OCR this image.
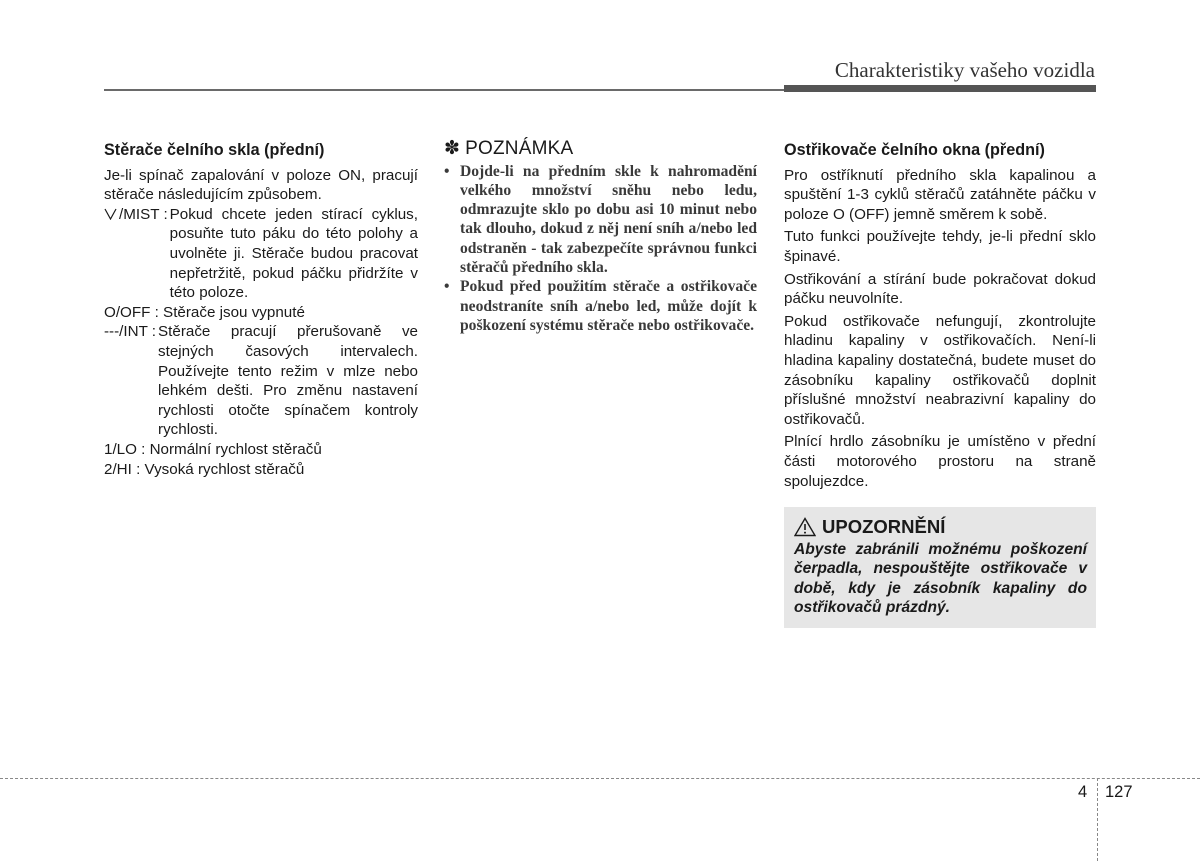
Charakteristiky vašeho vozidla
Stěrače čelního skla (přední)

Je-li spínač zapalování v poloze ON, pracují stěrače následujícím způsobem.

/MIST : Pokud chcete jeden stírací cyklus, posuňte tuto páku do této polohy a uvolněte ji. Stěrače budou pracovat nepřetržitě, pokud páčku přidržíte v této poloze.

O/OFF : Stěrače jsou vypnuté

---/INT : Stěrače pracují přerušovaně ve stejných časových intervalech. Používejte tento režim v mlze nebo lehkém dešti. Pro změnu nastavení rychlosti otočte spínačem kontroly rychlosti.

1/LO : Normální rychlost stěračů

2/HI : Vysoká rychlost stěračů

✽ POZNÁMKA
• Dojde-li na předním skle k nahromadění velkého množství sněhu nebo ledu, odmrazujte sklo po dobu asi 10 minut nebo tak dlouho, dokud z něj není sníh a/nebo led odstraněn - tak zabezpečíte správnou funkci stěračů předního skla.
• Pokud před použitím stěrače a ostřikovače neodstraníte sníh a/nebo led, může dojít k poškození systému stěrače nebo ostřikovače.
Ostřikovače čelního okna (přední)

Pro ostříknutí předního skla kapalinou a spuštění 1-3 cyklů stěračů zatáhněte páčku v poloze O (OFF) jemně směrem k sobě.

Tuto funkci používejte tehdy, je-li přední sklo špinavé.

Ostřikování a stírání bude pokračovat dokud páčku neuvolníte.

Pokud ostřikovače nefungují, zkontrolujte hladinu kapaliny v ostřikovačích. Není-li hladina kapaliny dostatečná, budete muset do zásobníku kapaliny ostřikovačů doplnit příslušné množství neabrazivní kapaliny do ostřikovačů.

Plnící hrdlo zásobníku je umístěno v přední části motorového prostoru na straně spolujezdce.

UPOZORNĚNÍ

Abyste zabránili možnému poškození čerpadla, nespouštějte ostřikovače v době, kdy je zásobník kapaliny do ostřikovačů prázdný.

4 127
